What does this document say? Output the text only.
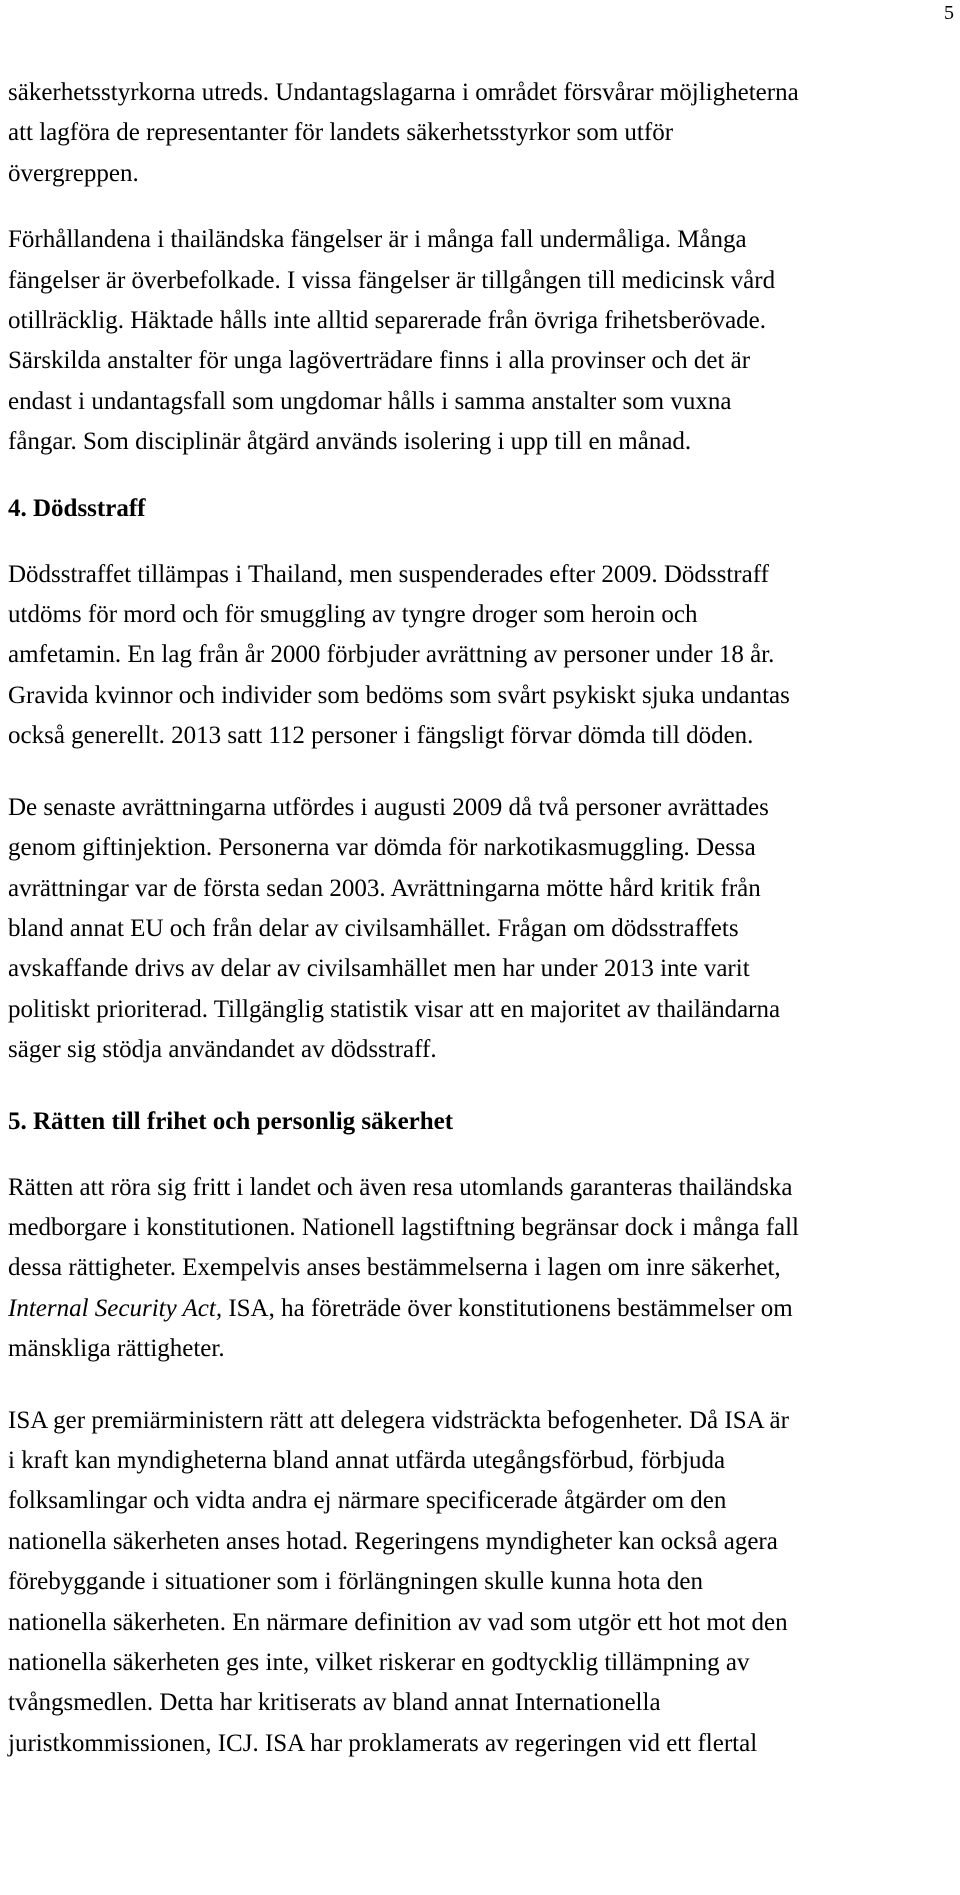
5

säkerhetsstyrkorna utreds. Undantagslagarna i området försvårar möjligheterna
att lagföra de representanter för landets säkerhetsstyrkor som utför
övergreppen.

Förhållandena i thailändska fängelser är i många fall undermåliga. Många
fängelser är överbefolkade. I vissa fängelser är tillgången till medicinsk vård
otillräcklig. Häktade hålls inte alltid separerade från övriga frihetsberövade.
Särskilda anstalter för unga lagöverträdare finns i alla provinser och det är
endast i undantagsfall som ungdomar hålls i samma anstalter som vuxna
fångar. Som disciplinär åtgärd används isolering i upp till en månad.

4. Dödsstraff

Dödsstraffet tillämpas i Thailand, men suspenderades efter 2009. Dödsstraff
utdöms för mord och för smuggling av tyngre droger som heroin och
amfetamin. En lag från år 2000 förbjuder avrättning av personer under 18 år.
Gravida kvinnor och individer som bedöms som svårt psykiskt sjuka undantas
också generellt. 2013 satt 112 personer i fängsligt förvar dömda till döden.

De senaste avrättningarna utfördes i augusti 2009 då två personer avrättades
genom giftinjektion. Personerna var dömda för narkotikasmuggling. Dessa
avrättningar var de första sedan 2003. Avrättningarna mötte hård kritik från
bland annat EU och från delar av civilsamhället. Frågan om dödsstraffets
avskaffande drivs av delar av civilsamhället men har under 2013 inte varit
politiskt prioriterad. Tillgänglig statistik visar att en majoritet av thailändarna
säger sig stödja användandet av dödsstraff.

5. Rätten till frihet och personlig säkerhet

Rätten att röra sig fritt i landet och även resa utomlands garanteras thailändska
medborgare i konstitutionen. Nationell lagstiftning begränsar dock i många fall
dessa rättigheter. Exempelvis anses bestämmelserna i lagen om inre säkerhet,
Internal Security Act, ISA, ha företräde över konstitutionens bestämmelser om
mänskliga rättigheter.

ISA ger premiärministern rätt att delegera vidsträckta befogenheter. Då ISA är
i kraft kan myndigheterna bland annat utfärda utegångsförbud, förbjuda
folksamlingar och vidta andra ej närmare specificerade åtgärder om den
nationella säkerheten anses hotad. Regeringens myndigheter kan också agera
förebyggande i situationer som i förlängningen skulle kunna hota den
nationella säkerheten. En närmare definition av vad som utgör ett hot mot den
nationella säkerheten ges inte, vilket riskerar en godtycklig tillämpning av
tvångsmedlen. Detta har kritiserats av bland annat Internationella
juristkommissionen, ICJ. ISA har proklamerats av regeringen vid ett flertal
